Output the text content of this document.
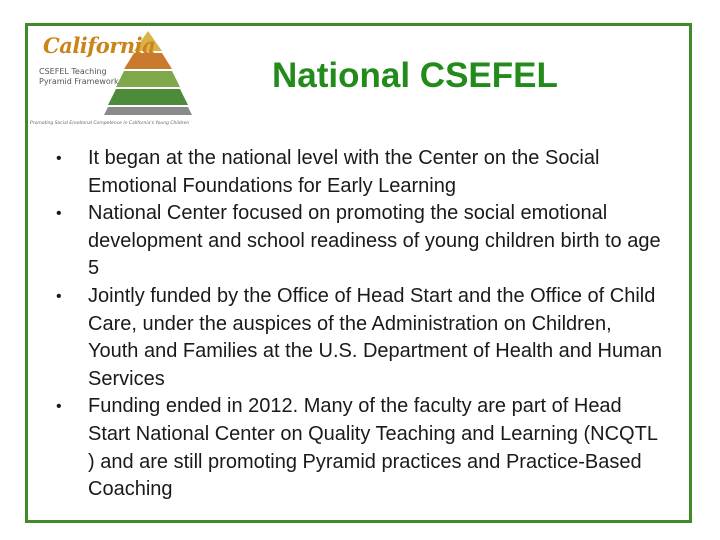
California
CSEFEL Teaching
Pyramid Framework
Promoting Social Emotional Competence in California's Young Children
National CSEFEL
• It began at the national level with the Center on the Social Emotional Foundations for Early Learning
• National Center focused on promoting the social emotional development and school readiness of young children birth to age 5
• Jointly funded by the Office of Head Start and the Office of Child Care, under the auspices of the Administration on Children, Youth and Families at the U.S. Department of Health and Human Services
• Funding ended in 2012. Many of the faculty are part of Head Start National Center on Quality Teaching and Learning (NCQTL ) and are still promoting Pyramid practices and Practice-Based Coaching
